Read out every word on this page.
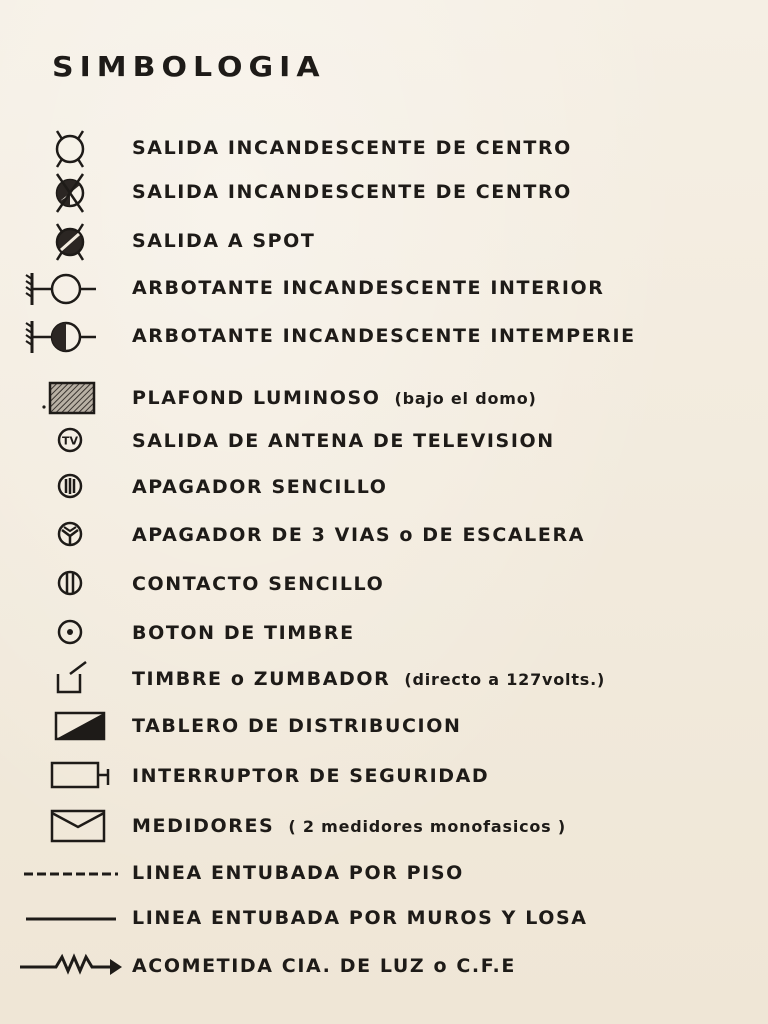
SIMBOLOGIA
SALIDA INCANDESCENTE DE CENTRO
SALIDA INCANDESCENTE DE CENTRO
SALIDA A SPOT
ARBOTANTE INCANDESCENTE INTERIOR
ARBOTANTE INCANDESCENTE INTEMPERIE
PLAFOND LUMINOSO (bajo el domo)
TV	SALIDA DE ANTENA DE TELEVISION
APAGADOR SENCILLO
APAGADOR DE 3 VIAS o DE ESCALERA
CONTACTO SENCILLO
BOTON DE TIMBRE
TIMBRE o ZUMBADOR (directo a 127volts.)
TABLERO DE DISTRIBUCION
INTERRUPTOR DE SEGURIDAD
MEDIDORES ( 2 medidores monofasicos )
LINEA ENTUBADA POR PISO
LINEA ENTUBADA POR MUROS Y LOSA
ACOMETIDA CIA. DE LUZ o C.F.E
